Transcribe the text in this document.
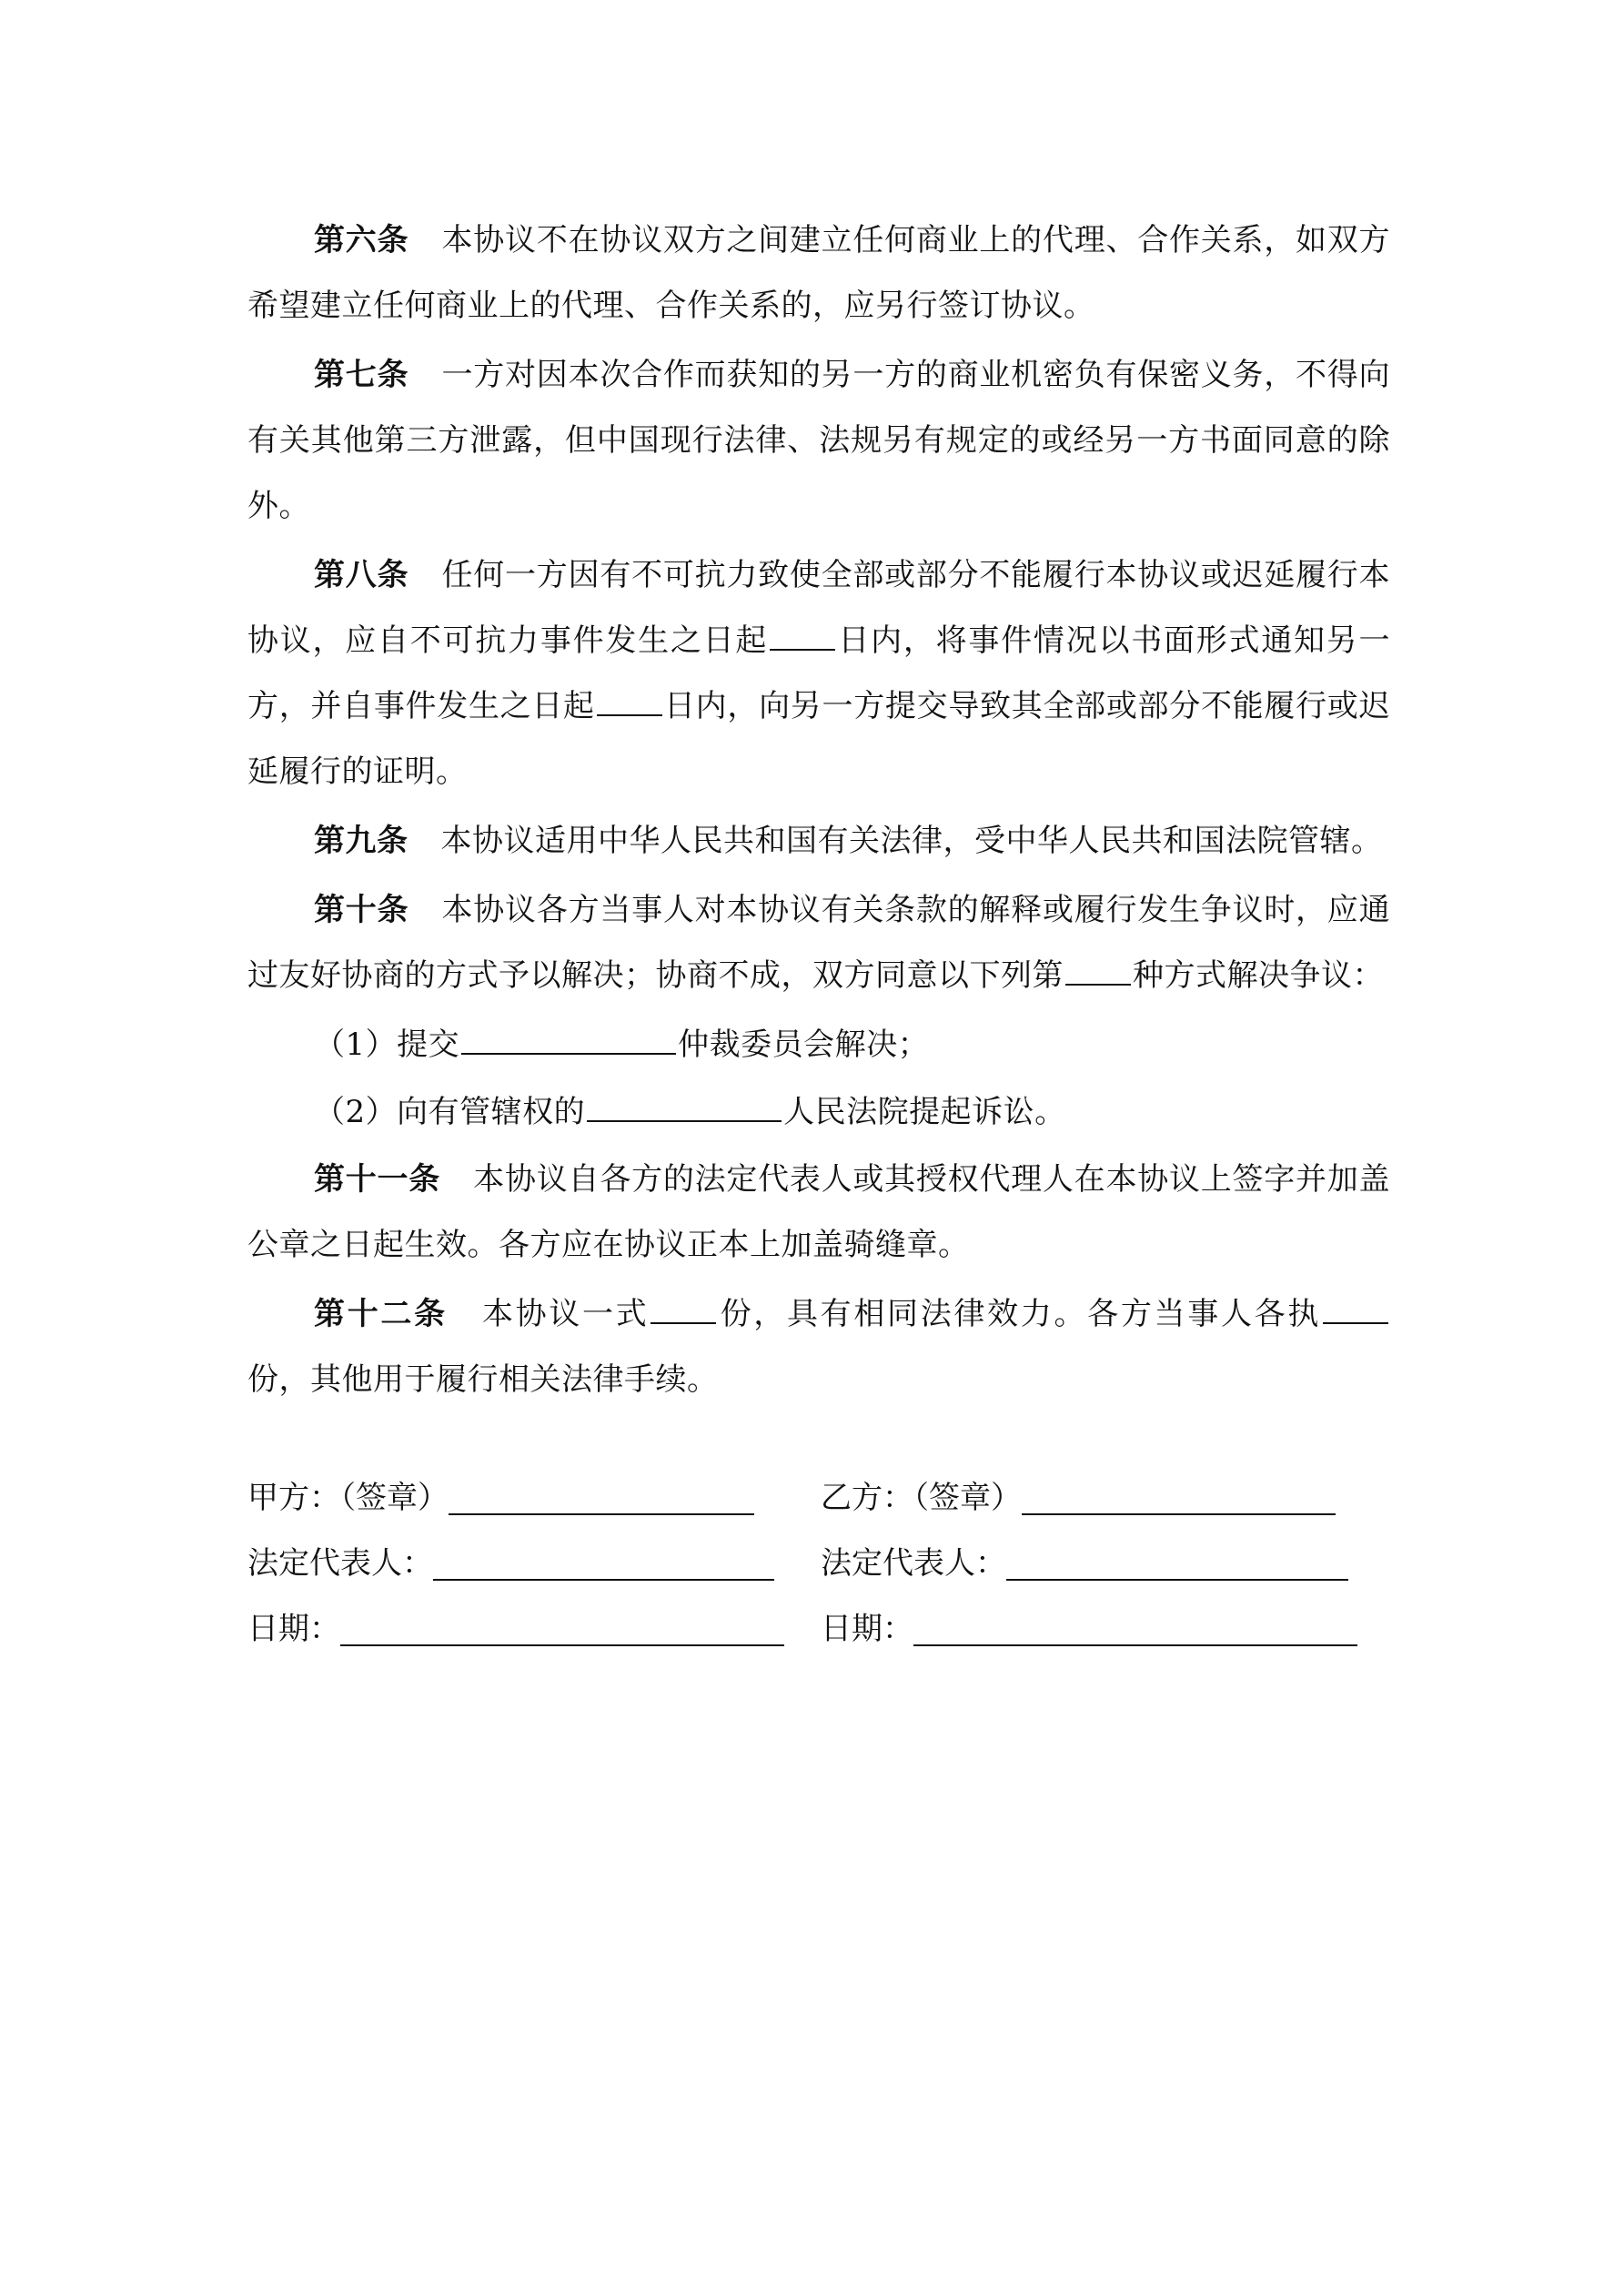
第六条 本协议不在协议双方之间建立任何商业上的代理、合作关系，如双方希望建立任何商业上的代理、合作关系的，应另行签订协议。

第七条 一方对因本次合作而获知的另一方的商业机密负有保密义务，不得向有关其他第三方泄露，但中国现行法律、法规另有规定的或经另一方书面同意的除外。

第八条 任何一方因有不可抗力致使全部或部分不能履行本协议或迟延履行本协议，应自不可抗力事件发生之日起 日内，将事件情况以书面形式通知另一方，并自事件发生之日起 日内，向另一方提交导致其全部或部分不能履行或迟延履行的证明。

第九条 本协议适用中华人民共和国有关法律，受中华人民共和国法院管辖。

第十条 本协议各方当事人对本协议有关条款的解释或履行发生争议时，应通过友好协商的方式予以解决；协商不成，双方同意以下列第 种方式解决争议：

（1）提交	仲裁委员会解决；

（2）向有管辖权的	人民法院提起诉讼。

第十一条 本协议自各方的法定代表人或其授权代理人在本协议上签字并加盖公章之日起生效。各方应在协议正本上加盖骑缝章。

第十二条 本协议一式 份，具有相同法律效力。各方当事人各执份，其他用于履行相关法律手续。

甲方：（签章）	乙方：（签章）
法定代表人：	法定代表人：
日期：	日期：
